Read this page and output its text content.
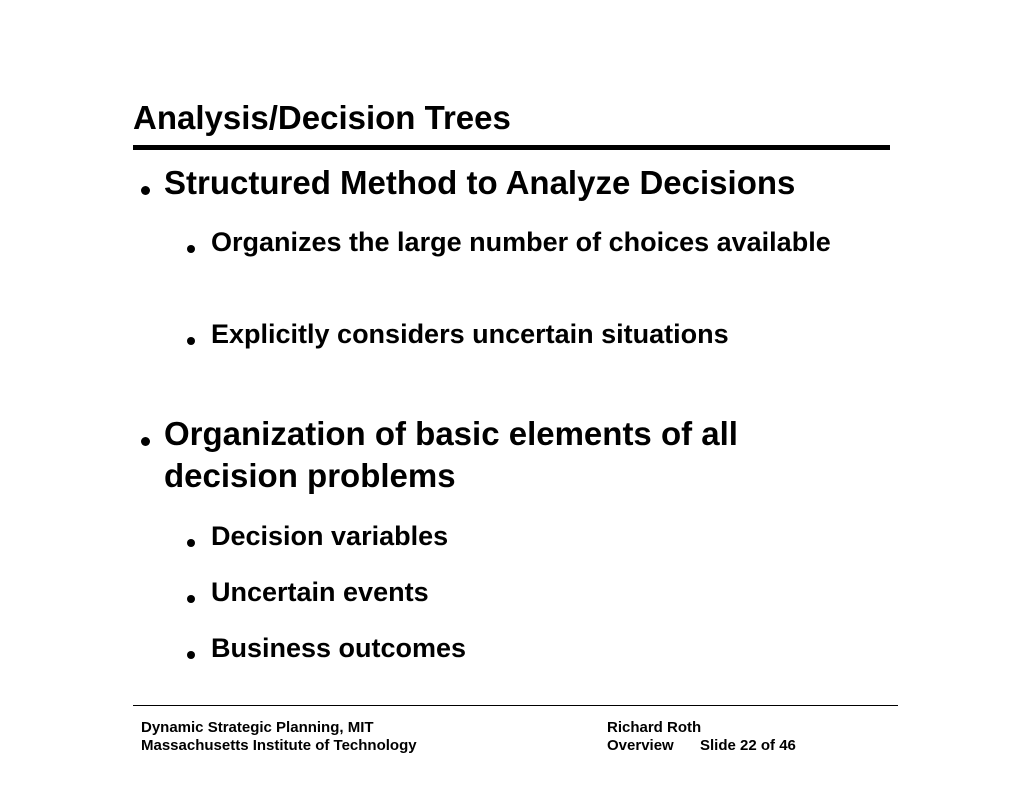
Analysis/Decision Trees
Structured Method to Analyze Decisions
Organizes the large number of choices available
Explicitly considers uncertain situations
Organization of basic elements of all decision problems
Decision variables
Uncertain events
Business outcomes
Dynamic Strategic Planning, MIT
Massachusetts Institute of Technology
Richard Roth
Overview Slide 22 of 46
